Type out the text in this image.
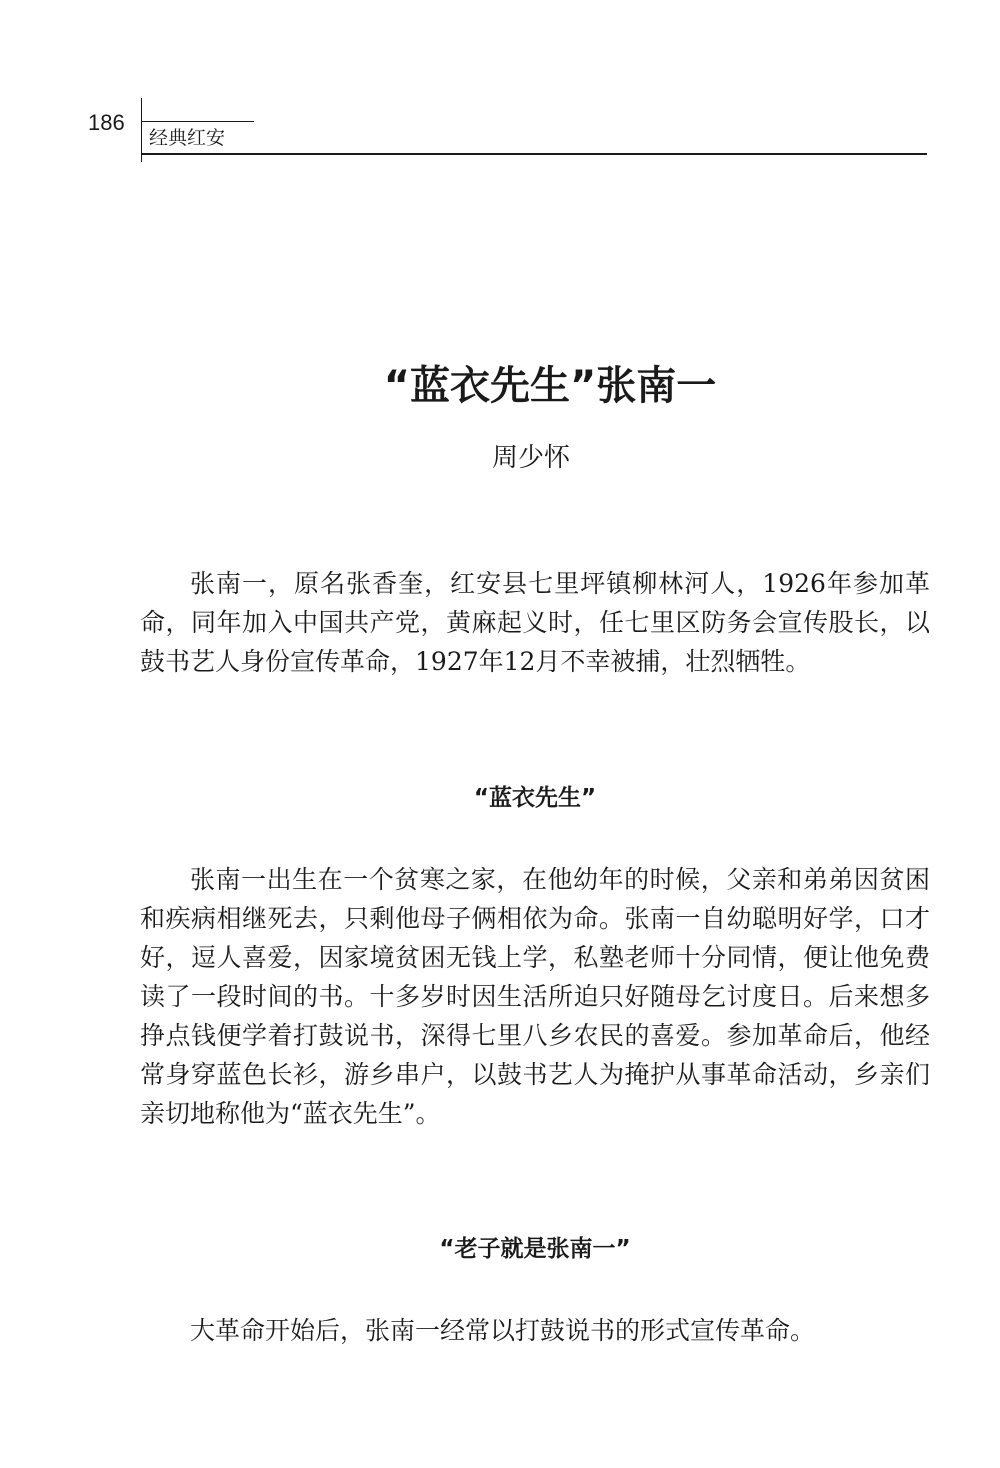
186
经典红安
“蓝衣先生”张南一
周少怀

张南一，原名张香奎，红安县七里坪镇柳林河人，1926年参加革命，同年加入中国共产党，黄麻起义时，任七里区防务会宣传股长，以鼓书艺人身份宣传革命，1927年12月不幸被捕，壮烈牺牲。

“蓝衣先生”

张南一出生在一个贫寒之家，在他幼年的时候，父亲和弟弟因贫困和疾病相继死去，只剩他母子俩相依为命。张南一自幼聪明好学，口才好，逗人喜爱，因家境贫困无钱上学，私塾老师十分同情，便让他免费读了一段时间的书。十多岁时因生活所迫只好随母乞讨度日。后来想多挣点钱便学着打鼓说书，深得七里八乡农民的喜爱。参加革命后，他经常身穿蓝色长衫，游乡串户，以鼓书艺人为掩护从事革命活动，乡亲们亲切地称他为“蓝衣先生”。

“老子就是张南一”

大革命开始后，张南一经常以打鼓说书的形式宣传革命。
